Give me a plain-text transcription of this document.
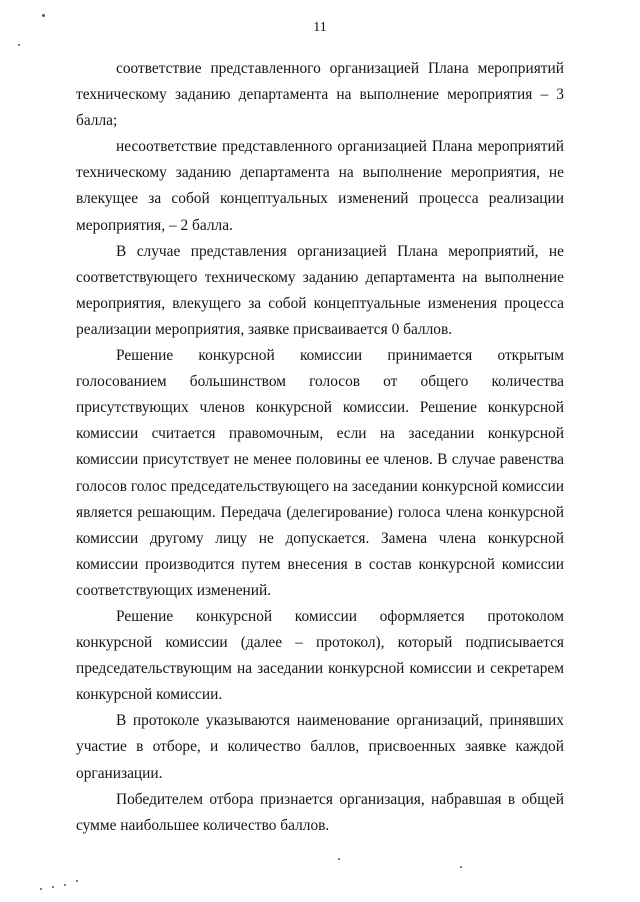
11

соответствие представленного организацией Плана мероприятий техническому заданию департамента на выполнение мероприятия – 3 балла;

несоответствие представленного организацией Плана мероприятий техническому заданию департамента на выполнение мероприятия, не влекущее за собой концептуальных изменений процесса реализации мероприятия, – 2 балла.

В случае представления организацией Плана мероприятий, не соответствующего техническому заданию департамента на выполнение мероприятия, влекущего за собой концептуальные изменения процесса реализации мероприятия, заявке присваивается 0 баллов.

Решение конкурсной комиссии принимается открытым голосованием большинством голосов от общего количества присутствующих членов конкурсной комиссии. Решение конкурсной комиссии считается правомочным, если на заседании конкурсной комиссии присутствует не менее половины ее членов. В случае равенства голосов голос председательствующего на заседании конкурсной комиссии является решающим. Передача (делегирование) голоса члена конкурсной комиссии другому лицу не допускается. Замена члена конкурсной комиссии производится путем внесения в состав конкурсной комиссии соответствующих изменений.

Решение конкурсной комиссии оформляется протоколом конкурсной комиссии (далее – протокол), который подписывается председательствующим на заседании конкурсной комиссии и секретарем конкурсной комиссии.

В протоколе указываются наименование организаций, принявших участие в отборе, и количество баллов, присвоенных заявке каждой организации.

Победителем отбора признается организация, набравшая в общей сумме наибольшее количество баллов.
